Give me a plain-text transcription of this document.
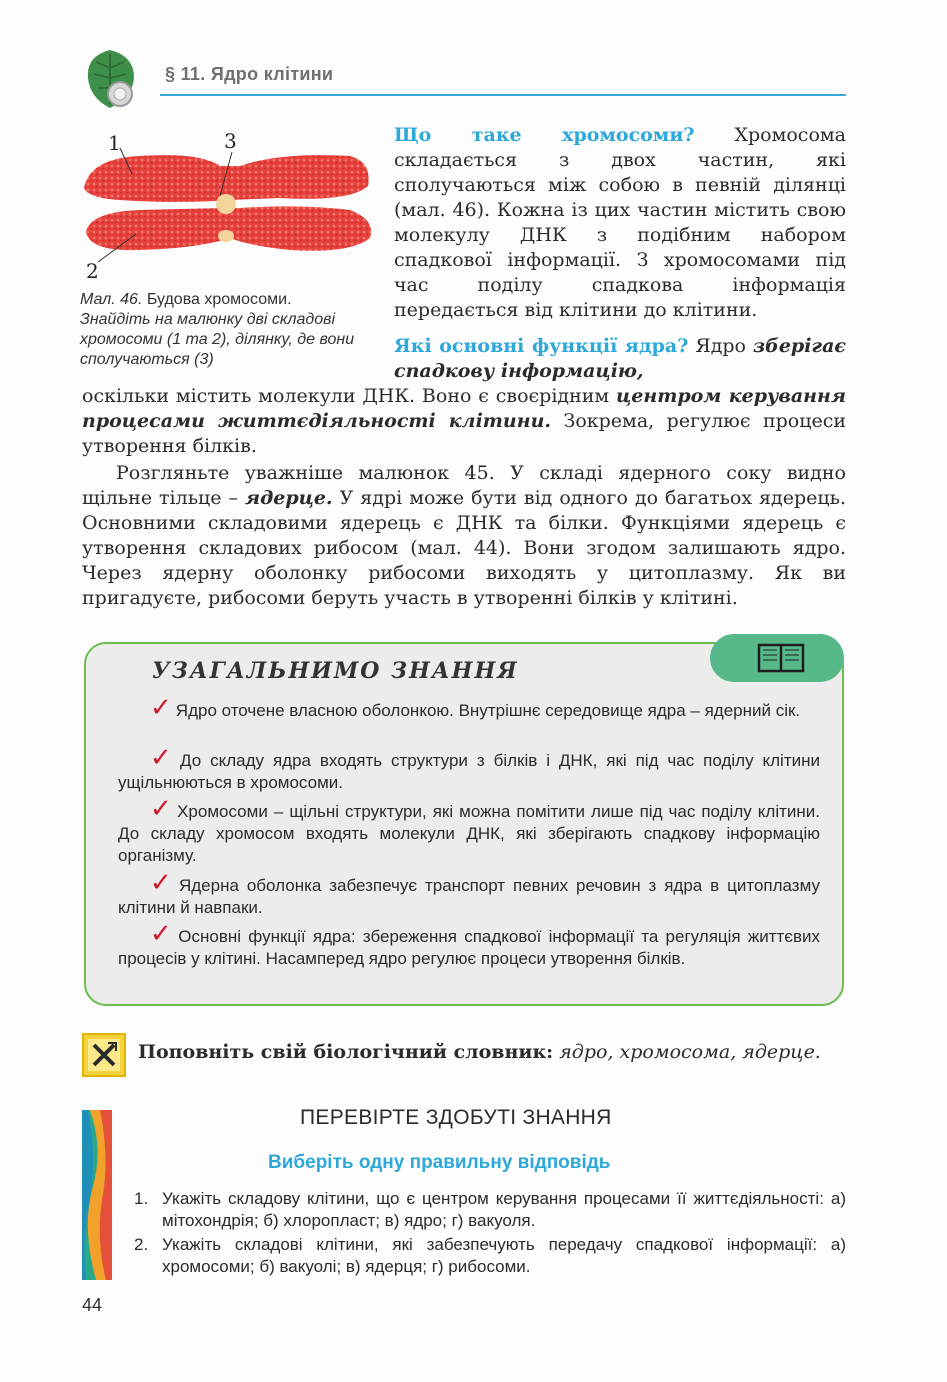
§ 11. Ядро клітини
1	3
2
Мал. 46. Будова хромосоми.
Знайдіть на малюнку дві складові хромосоми (1 та 2), ділянку, де вони сполучаються (3)
Що таке хромосоми? Хромосома складається з двох частин, які сполучаються між собою в певній ділянці (мал. 46). Кожна із цих частин містить свою молекулу ДНК з подібним набором спадкової інформації. З хромосомами під час поділу спадкова інформація передається від клітини до клітини.
Які основні функції ядра? Ядро зберігає спадкову інформацію,
оскільки містить молекули ДНК. Воно є своєрідним центром керування процесами життєдіяльності клітини. Зокрема, регулює процеси утворення білків.
Розгляньте уважніше малюнок 45. У складі ядерного соку видно щільне тільце – ядерце. У ядрі може бути від одного до багатьох ядерець. Основними складовими ядерець є ДНК та білки. Функціями ядерець є утворення складових рибосом (мал. 44). Вони згодом залишають ядро. Через ядерну оболонку рибосоми виходять у цитоплазму. Як ви пригадуєте, рибосоми беруть участь в утворенні білків у клітині.
УЗАГАЛЬНИМО ЗНАННЯ
✓ Ядро оточене власною оболонкою. Внутрішнє середовище ядра – ядерний сік.
✓ До складу ядра входять структури з білків і ДНК, які під час поділу клітини ущільнюються в хромосоми.
✓ Хромосоми – щільні структури, які можна помітити лише під час поділу клітини. До складу хромосом входять молекули ДНК, які зберігають спадкову інформацію організму.
✓ Ядерна оболонка забезпечує транспорт певних речовин з ядра в цитоплазму клітини й навпаки.
✓ Основні функції ядра: збереження спадкової інформації та регуляція життєвих процесів у клітині. Насамперед ядро регулює процеси утворення білків.
Поповніть свій біологічний словник: ядро, хромосома, ядерце.
ПЕРЕВІРТЕ ЗДОБУТІ ЗНАННЯ
Виберіть одну правильну відповідь
1. Укажіть складову клітини, що є центром керування процесами її життєдіяльності: а) мітохондрія; б) хлоропласт; в) ядро; г) вакуоля.
2. Укажіть складові клітини, які забезпечують передачу спадкової інформації: а) хромосоми; б) вакуолі; в) ядерця; г) рибосоми.
44
